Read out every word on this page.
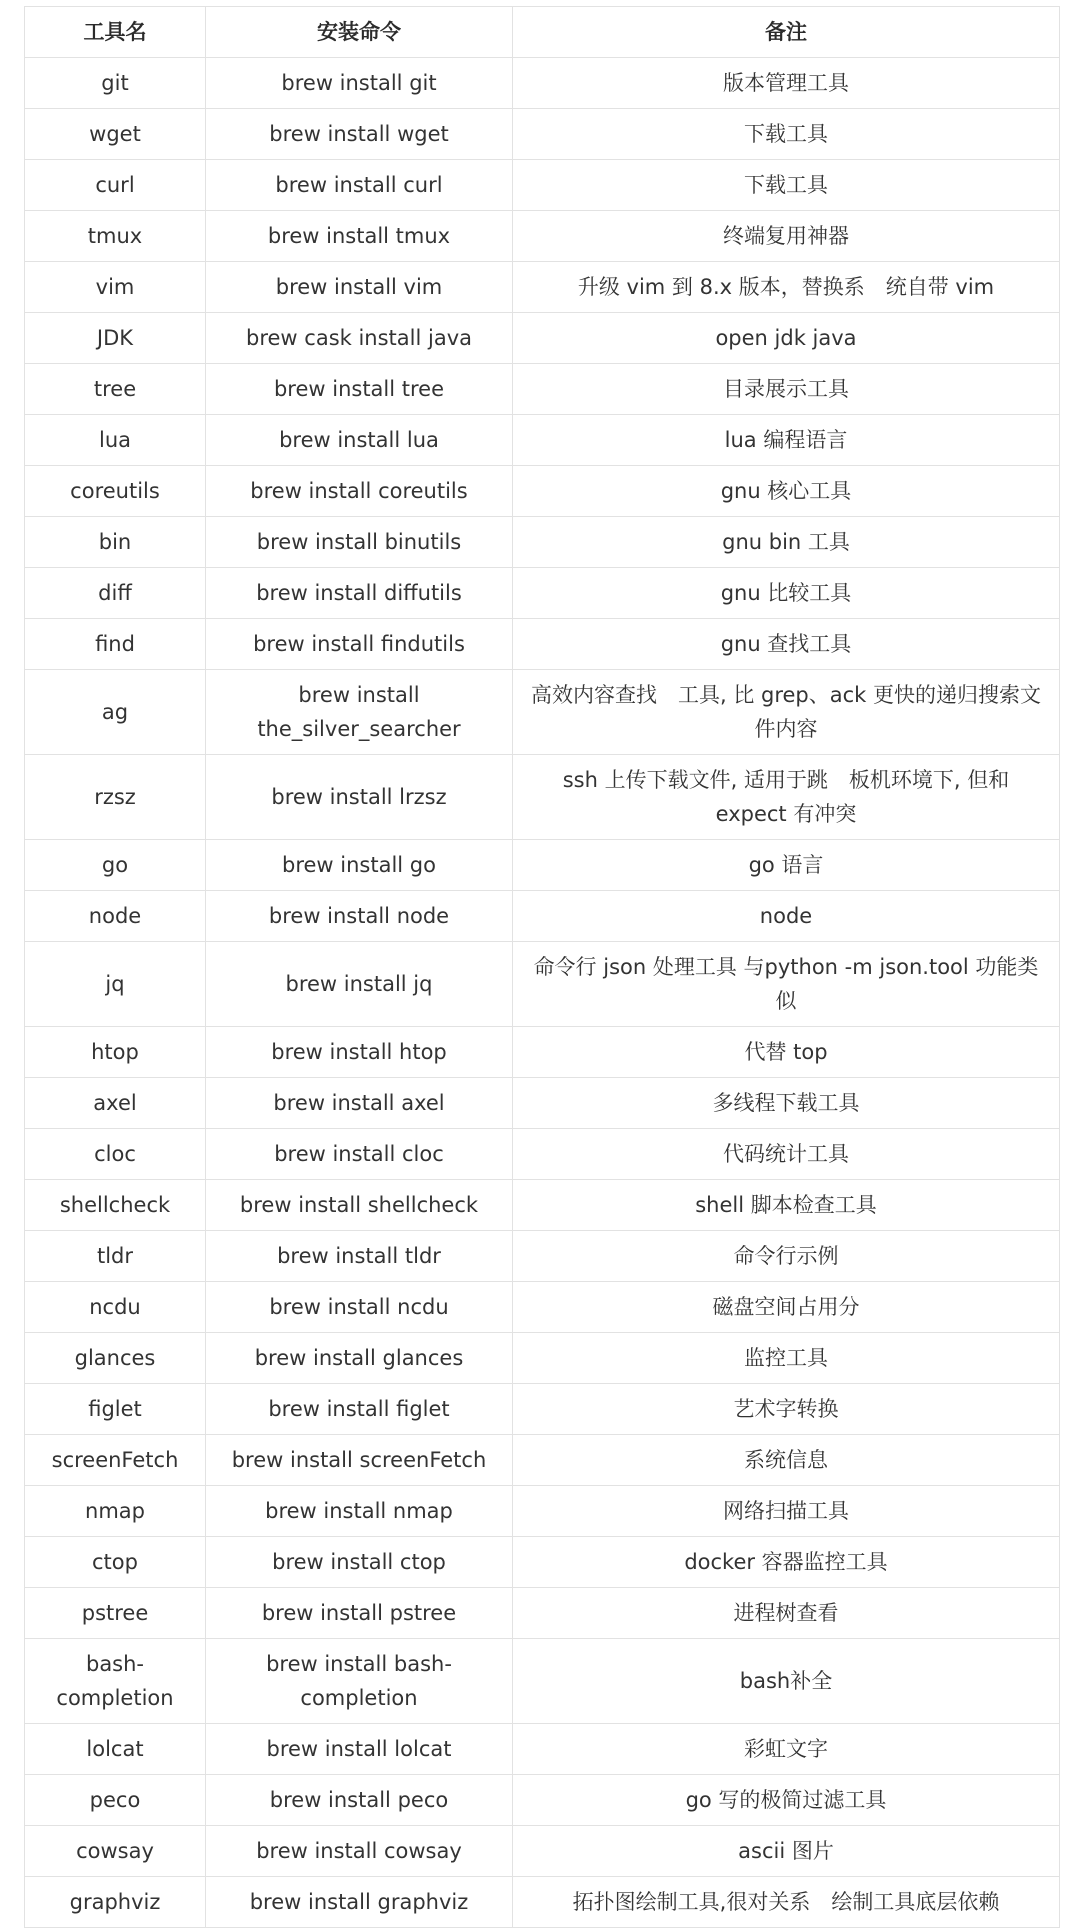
工具名	安装命令	备注
git	brew install git	版本管理工具
wget	brew install wget	下载工具
curl	brew install curl	下载工具
tmux	brew install tmux	终端复用神器
vim	brew install vim	升级 vim 到 8.x 版本，替换系　统自带 vim
JDK	brew cask install java	open jdk java
tree	brew install tree	目录展示工具
lua	brew install lua	lua 编程语言
coreutils	brew install coreutils	gnu 核心工具
bin	brew install binutils	gnu bin 工具
diff	brew install diffutils	gnu 比较工具
find	brew install findutils	gnu 查找工具
ag	brew install the_silver_searcher	高效内容查找　工具, 比 grep、ack 更快的递归搜索文件内容
rzsz	brew install lrzsz	ssh 上传下载文件, 适用于跳　板机环境下, 但和 expect 有冲突
go	brew install go	go 语言
node	brew install node	node
jq	brew install jq	命令行 json 处理工具 与python -m json.tool 功能类似
htop	brew install htop	代替 top
axel	brew install axel	多线程下载工具
cloc	brew install cloc	代码统计工具
shellcheck	brew install shellcheck	shell 脚本检查工具
tldr	brew install tldr	命令行示例
ncdu	brew install ncdu	磁盘空间占用分
glances	brew install glances	监控工具
figlet	brew install figlet	艺术字转换
screenFetch	brew install screenFetch	系统信息
nmap	brew install nmap	网络扫描工具
ctop	brew install ctop	docker 容器监控工具
pstree	brew install pstree	进程树查看
bash-completion	brew install bash-completion	bash补全
lolcat	brew install lolcat	彩虹文字
peco	brew install peco	go 写的极简过滤工具
cowsay	brew install cowsay	ascii 图片
graphviz	brew install graphviz	拓扑图绘制工具,很对关系　绘制工具底层依赖
